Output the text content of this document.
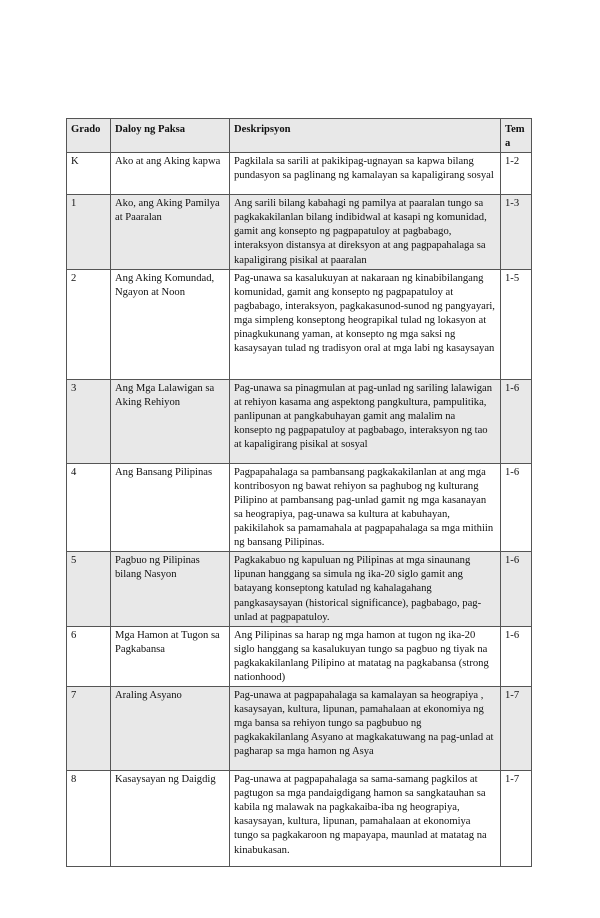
Grado	Daloy ng Paksa	Deskripsyon	Tema
K	Ako at ang Aking kapwa	Pagkilala sa sarili at pakikipag-ugnayan sa kapwa bilang pundasyon sa paglinang ng kamalayan sa kapaligirang sosyal	1-2
1	Ako, ang Aking Pamilya at Paaralan	Ang sarili bilang kabahagi ng pamilya at paaralan tungo sa pagkakakilanlan bilang indibidwal at kasapi ng komunidad, gamit ang konsepto ng pagpapatuloy at pagbabago, interaksyon distansya at direksyon at ang pagpapahalaga sa kapaligirang pisikal at paaralan	1-3
2	Ang Aking Komundad, Ngayon at Noon	Pag-unawa sa kasalukuyan at nakaraan ng kinabibilangang komunidad, gamit ang konsepto ng pagpapatuloy at pagbabago, interaksyon, pagkakasunod-sunod ng pangyayari, mga simpleng konseptong heograpikal tulad ng lokasyon at pinagkukunang yaman, at konsepto ng mga saksi ng kasaysayan tulad ng tradisyon oral at mga labi ng kasaysayan	1-5
3	Ang Mga Lalawigan sa Aking Rehiyon	Pag-unawa sa pinagmulan at pag-unlad ng sariling lalawigan at rehiyon kasama ang aspektong pangkultura, pampulitika, panlipunan at pangkabuhayan gamit ang malalim na konsepto ng pagpapatuloy at pagbabago, interaksyon ng tao at kapaligirang pisikal at sosyal	1-6
4	Ang Bansang Pilipinas	Pagpapahalaga sa pambansang pagkakakilanlan at ang mga kontribosyon ng bawat rehiyon sa paghubog ng kulturang Pilipino at pambansang pag-unlad gamit ng mga kasanayan sa heograpiya, pag-unawa sa kultura at kabuhayan, pakikilahok sa pamamahala at pagpapahalaga sa mga mithiin ng bansang Pilipinas.	1-6
5	Pagbuo ng Pilipinas bilang Nasyon	Pagkakabuo ng kapuluan ng Pilipinas at mga sinaunang lipunan hanggang sa simula ng ika-20 siglo gamit ang batayang konseptong katulad ng kahalagahang pangkasaysayan (historical significance), pagbabago, pag-unlad at pagpapatuloy.	1-6
6	Mga Hamon at Tugon sa Pagkabansa	Ang Pilipinas sa harap ng mga hamon at tugon ng ika-20 siglo hanggang sa kasalukuyan tungo sa pagbuo ng tiyak na pagkakakilanlang Pilipino at matatag na pagkabansa (strong nationhood)	1-6
7	Araling Asyano	Pag-unawa at pagpapahalaga sa kamalayan sa heograpiya , kasaysayan, kultura, lipunan, pamahalaan at ekonomiya ng mga bansa sa rehiyon tungo sa pagbubuo ng pagkakakilanlang Asyano at magkakatuwang na pag-unlad at pagharap sa mga hamon ng Asya	1-7
8	Kasaysayan ng Daigdig	Pag-unawa at pagpapahalaga sa sama-samang pagkilos at pagtugon sa mga pandaigdigang hamon sa sangkatauhan sa kabila ng malawak na pagkakaiba-iba ng heograpiya, kasaysayan, kultura, lipunan, pamahalaan at ekonomiya tungo sa pagkakaroon ng mapayapa, maunlad at matatag na kinabukasan.	1-7
